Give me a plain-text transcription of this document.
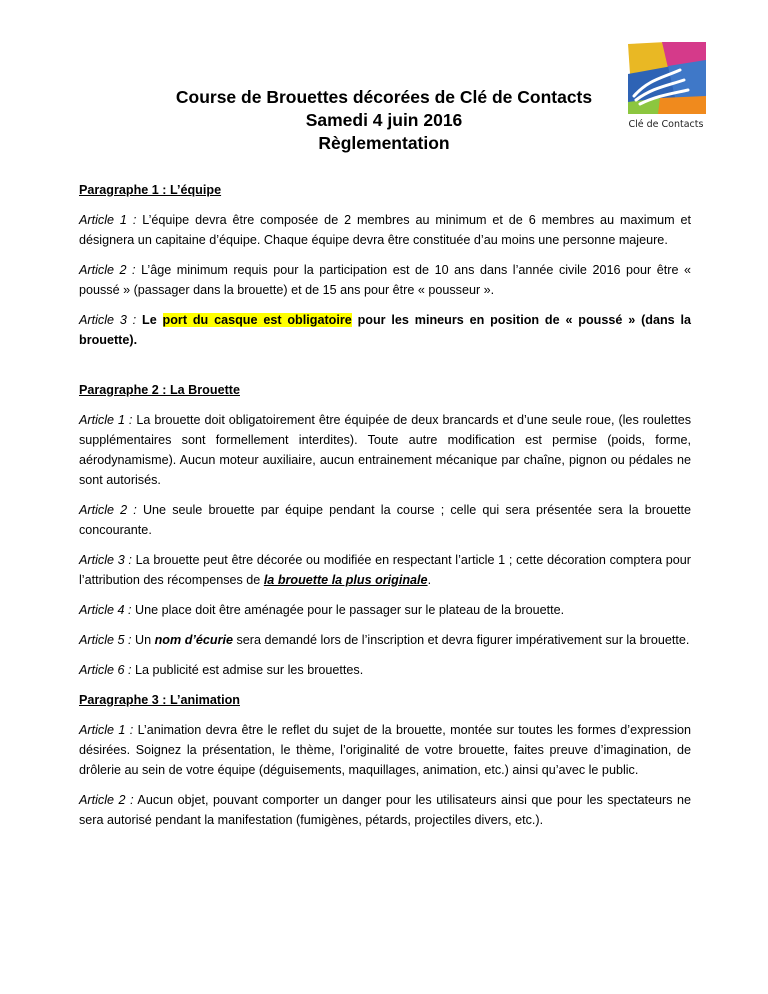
Clé de Contacts
Course de Brouettes décorées de Clé de Contacts
Samedi 4 juin 2016
Règlementation

Paragraphe 1 : L’équipe

Article 1 : L’équipe devra être composée de 2 membres au minimum et de 6 membres au maximum et désignera un capitaine d’équipe. Chaque équipe devra être constituée d’au moins une personne majeure.

Article 2 : L’âge minimum requis pour la participation est de 10 ans dans l’année civile 2016 pour être « poussé » (passager dans la brouette) et de 15 ans pour être « pousseur ».

Article 3 : Le port du casque est obligatoire pour les mineurs en position de « poussé » (dans la brouette).

Paragraphe 2 : La Brouette

Article 1 : La brouette doit obligatoirement être équipée de deux brancards et d’une seule roue, (les roulettes supplémentaires sont formellement interdites). Toute autre modification est permise (poids, forme, aérodynamisme). Aucun moteur auxiliaire, aucun entrainement mécanique par chaîne, pignon ou pédales ne sont autorisés.

Article 2 : Une seule brouette par équipe pendant la course ; celle qui sera présentée sera la brouette concourante.

Article 3 : La brouette peut être décorée ou modifiée en respectant l’article 1 ; cette décoration comptera pour l’attribution des récompenses de la brouette la plus originale.

Article 4 : Une place doit être aménagée pour le passager sur le plateau de la brouette.

Article 5 : Un nom d’écurie sera demandé lors de l’inscription et devra figurer impérativement sur la brouette.

Article 6 : La publicité est admise sur les brouettes.

Paragraphe 3 : L’animation

Article 1 : L’animation devra être le reflet du sujet de la brouette, montée sur toutes les formes d’expression désirées. Soignez la présentation, le thème, l’originalité de votre brouette, faites preuve d’imagination, de drôlerie au sein de votre équipe (déguisements, maquillages, animation, etc.) ainsi qu’avec le public.

Article 2 : Aucun objet, pouvant comporter un danger pour les utilisateurs ainsi que pour les spectateurs ne sera autorisé pendant la manifestation (fumigènes, pétards, projectiles divers, etc.).
